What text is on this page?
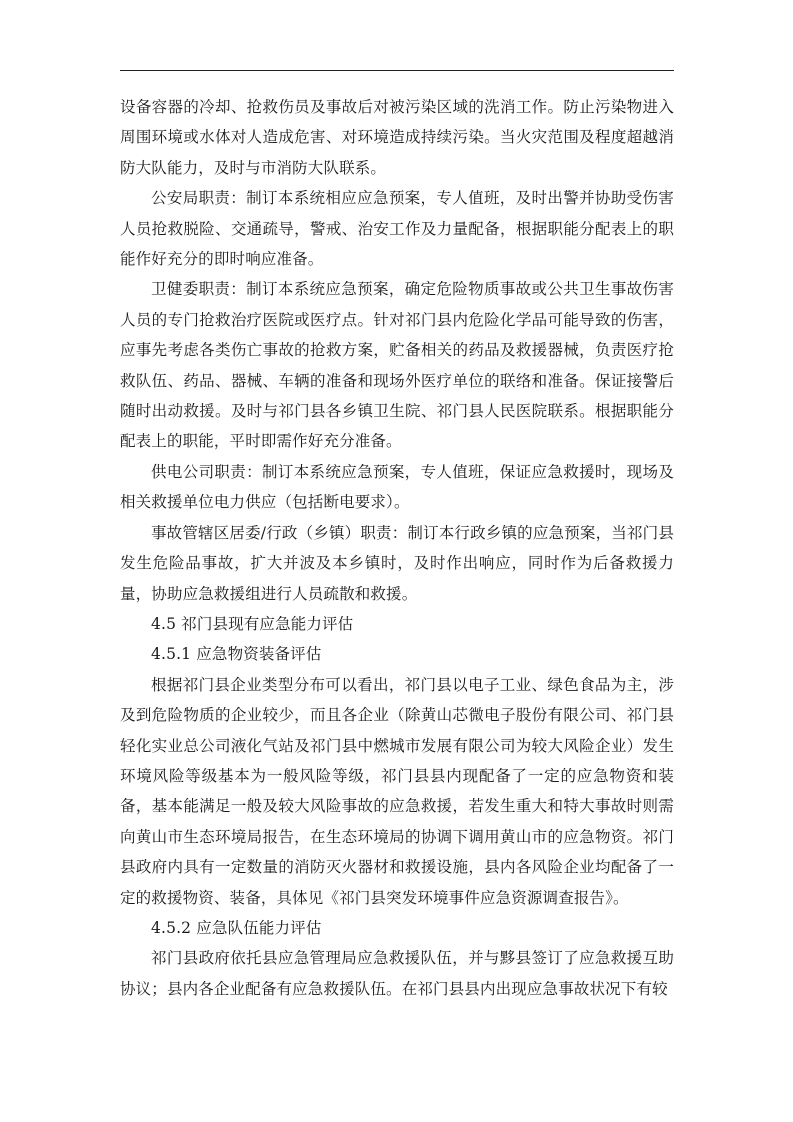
设备容器的冷却、抢救伤员及事故后对被污染区域的洗消工作。防止污染物进入周围环境或水体对人造成危害、对环境造成持续污染。当火灾范围及程度超越消防大队能力，及时与市消防大队联系。

公安局职责：制订本系统相应应急预案，专人值班，及时出警并协助受伤害人员抢救脱险、交通疏导，警戒、治安工作及力量配备，根据职能分配表上的职能作好充分的即时响应准备。

卫健委职责：制订本系统应急预案，确定危险物质事故或公共卫生事故伤害人员的专门抢救治疗医院或医疗点。针对祁门县内危险化学品可能导致的伤害，应事先考虑各类伤亡事故的抢救方案，贮备相关的药品及救援器械，负责医疗抢救队伍、药品、器械、车辆的准备和现场外医疗单位的联络和准备。保证接警后随时出动救援。及时与祁门县各乡镇卫生院、祁门县人民医院联系。根据职能分配表上的职能，平时即需作好充分准备。

供电公司职责：制订本系统应急预案，专人值班，保证应急救援时，现场及相关救援单位电力供应（包括断电要求）。

事故管辖区居委/行政（乡镇）职责：制订本行政乡镇的应急预案，当祁门县发生危险品事故，扩大并波及本乡镇时，及时作出响应，同时作为后备救援力量，协助应急救援组进行人员疏散和救援。

4.5 祁门县现有应急能力评估

4.5.1 应急物资装备评估

根据祁门县企业类型分布可以看出，祁门县以电子工业、绿色食品为主，涉及到危险物质的企业较少，而且各企业（除黄山芯微电子股份有限公司、祁门县轻化实业总公司液化气站及祁门县中燃城市发展有限公司为较大风险企业）发生环境风险等级基本为一般风险等级，祁门县县内现配备了一定的应急物资和装备，基本能满足一般及较大风险事故的应急救援，若发生重大和特大事故时则需向黄山市生态环境局报告，在生态环境局的协调下调用黄山市的应急物资。祁门县政府内具有一定数量的消防灭火器材和救援设施，县内各风险企业均配备了一定的救援物资、装备，具体见《祁门县突发环境事件应急资源调查报告》。

4.5.2 应急队伍能力评估

祁门县政府依托县应急管理局应急救援队伍，并与黟县签订了应急救援互助协议；县内各企业配备有应急救援队伍。在祁门县县内出现应急事故状况下有较
